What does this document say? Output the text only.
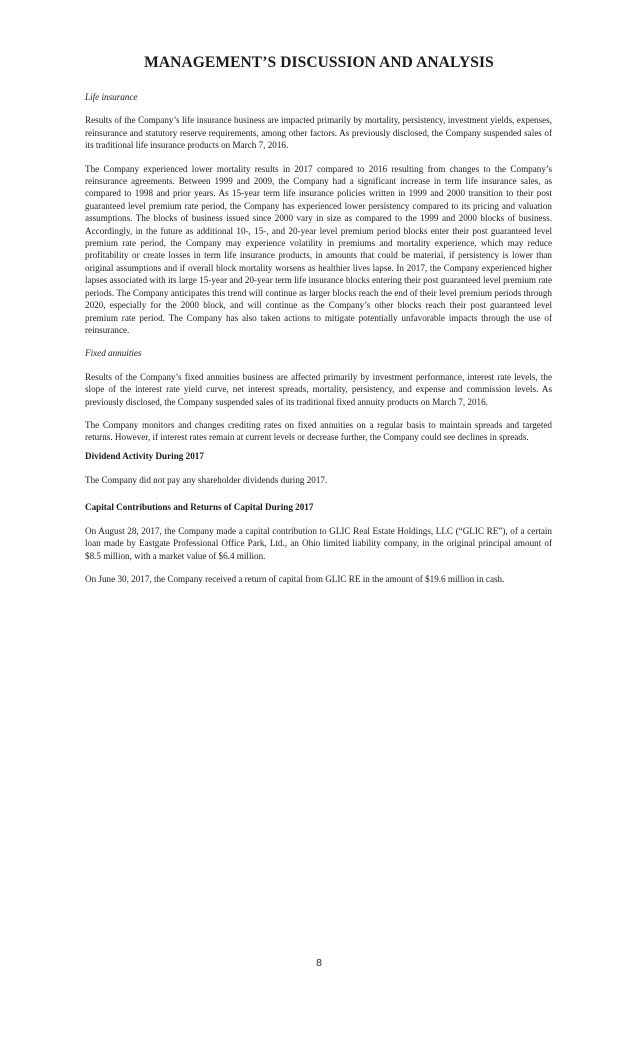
MANAGEMENT’S DISCUSSION AND ANALYSIS

Life insurance

Results of the Company’s life insurance business are impacted primarily by mortality, persistency, investment yields, expenses, reinsurance and statutory reserve requirements, among other factors. As previously disclosed, the Company suspended sales of its traditional life insurance products on March 7, 2016.

The Company experienced lower mortality results in 2017 compared to 2016 resulting from changes to the Company’s reinsurance agreements. Between 1999 and 2009, the Company had a significant increase in term life insurance sales, as compared to 1998 and prior years. As 15-year term life insurance policies written in 1999 and 2000 transition to their post guaranteed level premium rate period, the Company has experienced lower persistency compared to its pricing and valuation assumptions. The blocks of business issued since 2000 vary in size as compared to the 1999 and 2000 blocks of business. Accordingly, in the future as additional 10-, 15-, and 20-year level premium period blocks enter their post guaranteed level premium rate period, the Company may experience volatility in premiums and mortality experience, which may reduce profitability or create losses in term life insurance products, in amounts that could be material, if persistency is lower than original assumptions and if overall block mortality worsens as healthier lives lapse. In 2017, the Company experienced higher lapses associated with its large 15-year and 20-year term life insurance blocks entering their post guaranteed level premium rate periods. The Company anticipates this trend will continue as larger blocks reach the end of their level premium periods through 2020, especially for the 2000 block, and will continue as the Company’s other blocks reach their post guaranteed level premium rate period. The Company has also taken actions to mitigate potentially unfavorable impacts through the use of reinsurance.

Fixed annuities

Results of the Company’s fixed annuities business are affected primarily by investment performance, interest rate levels, the slope of the interest rate yield curve, net interest spreads, mortality, persistency, and expense and commission levels. As previously disclosed, the Company suspended sales of its traditional fixed annuity products on March 7, 2016.

The Company monitors and changes crediting rates on fixed annuities on a regular basis to maintain spreads and targeted returns. However, if interest rates remain at current levels or decrease further, the Company could see declines in spreads.

Dividend Activity During 2017

The Company did not pay any shareholder dividends during 2017.

Capital Contributions and Returns of Capital During 2017

On August 28, 2017, the Company made a capital contribution to GLIC Real Estate Holdings, LLC (“GLIC RE”), of a certain loan made by Eastgate Professional Office Park, Ltd., an Ohio limited liability company, in the original principal amount of $8.5 million, with a market value of $6.4 million.

On June 30, 2017, the Company received a return of capital from GLIC RE in the amount of $19.6 million in cash.

8
